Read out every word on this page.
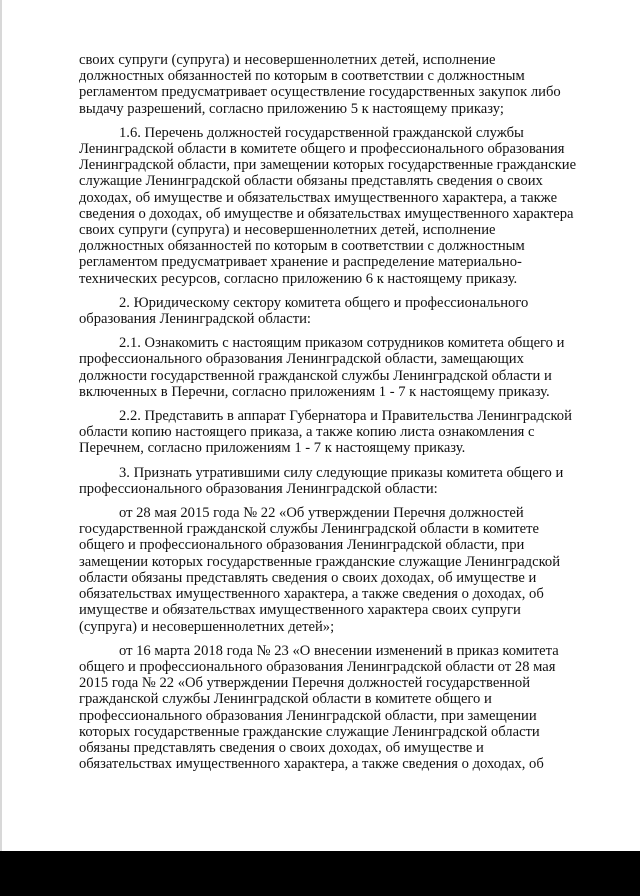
своих супруги (супруга) и несовершеннолетних детей, исполнение
должностных обязанностей по которым в соответствии с должностным
регламентом предусматривает осуществление государственных закупок либо
выдачу разрешений, согласно приложению 5 к настоящему приказу;

1.6. Перечень должностей государственной гражданской службы
Ленинградской области в комитете общего и профессионального образования
Ленинградской области, при замещении которых государственные гражданские
служащие Ленинградской области обязаны представлять сведения о своих
доходах, об имуществе и обязательствах имущественного характера, а также
сведения о доходах, об имуществе и обязательствах имущественного характера
своих супруги (супруга) и несовершеннолетних детей, исполнение
должностных обязанностей по которым в соответствии с должностным
регламентом предусматривает хранение и распределение материально-
технических ресурсов, согласно приложению 6 к настоящему приказу.

2. Юридическому сектору комитета общего и профессионального
образования Ленинградской области:

2.1. Ознакомить с настоящим приказом сотрудников комитета общего и
профессионального образования Ленинградской области, замещающих
должности государственной гражданской службы Ленинградской области и
включенных в Перечни, согласно приложениям 1 - 7 к настоящему приказу.

2.2. Представить в аппарат Губернатора и Правительства Ленинградской
области копию настоящего приказа, а также копию листа ознакомления с
Перечнем, согласно приложениям 1 - 7 к настоящему приказу.

3. Признать утратившими силу следующие приказы комитета общего и
профессионального образования Ленинградской области:

от 28 мая 2015 года № 22 «Об утверждении Перечня должностей
государственной гражданской службы Ленинградской области в комитете
общего и профессионального образования Ленинградской области, при
замещении которых государственные гражданские служащие Ленинградской
области обязаны представлять сведения о своих доходах, об имуществе и
обязательствах имущественного характера, а также сведения о доходах, об
имуществе и обязательствах имущественного характера своих супруги
(супруга) и несовершеннолетних детей»;

от 16 марта 2018 года № 23 «О внесении изменений в приказ комитета
общего и профессионального образования Ленинградской области от 28 мая
2015 года № 22 «Об утверждении Перечня должностей государственной
гражданской службы Ленинградской области в комитете общего и
профессионального образования Ленинградской области, при замещении
которых государственные гражданские служащие Ленинградской области
обязаны представлять сведения о своих доходах, об имуществе и
обязательствах имущественного характера, а также сведения о доходах, об
